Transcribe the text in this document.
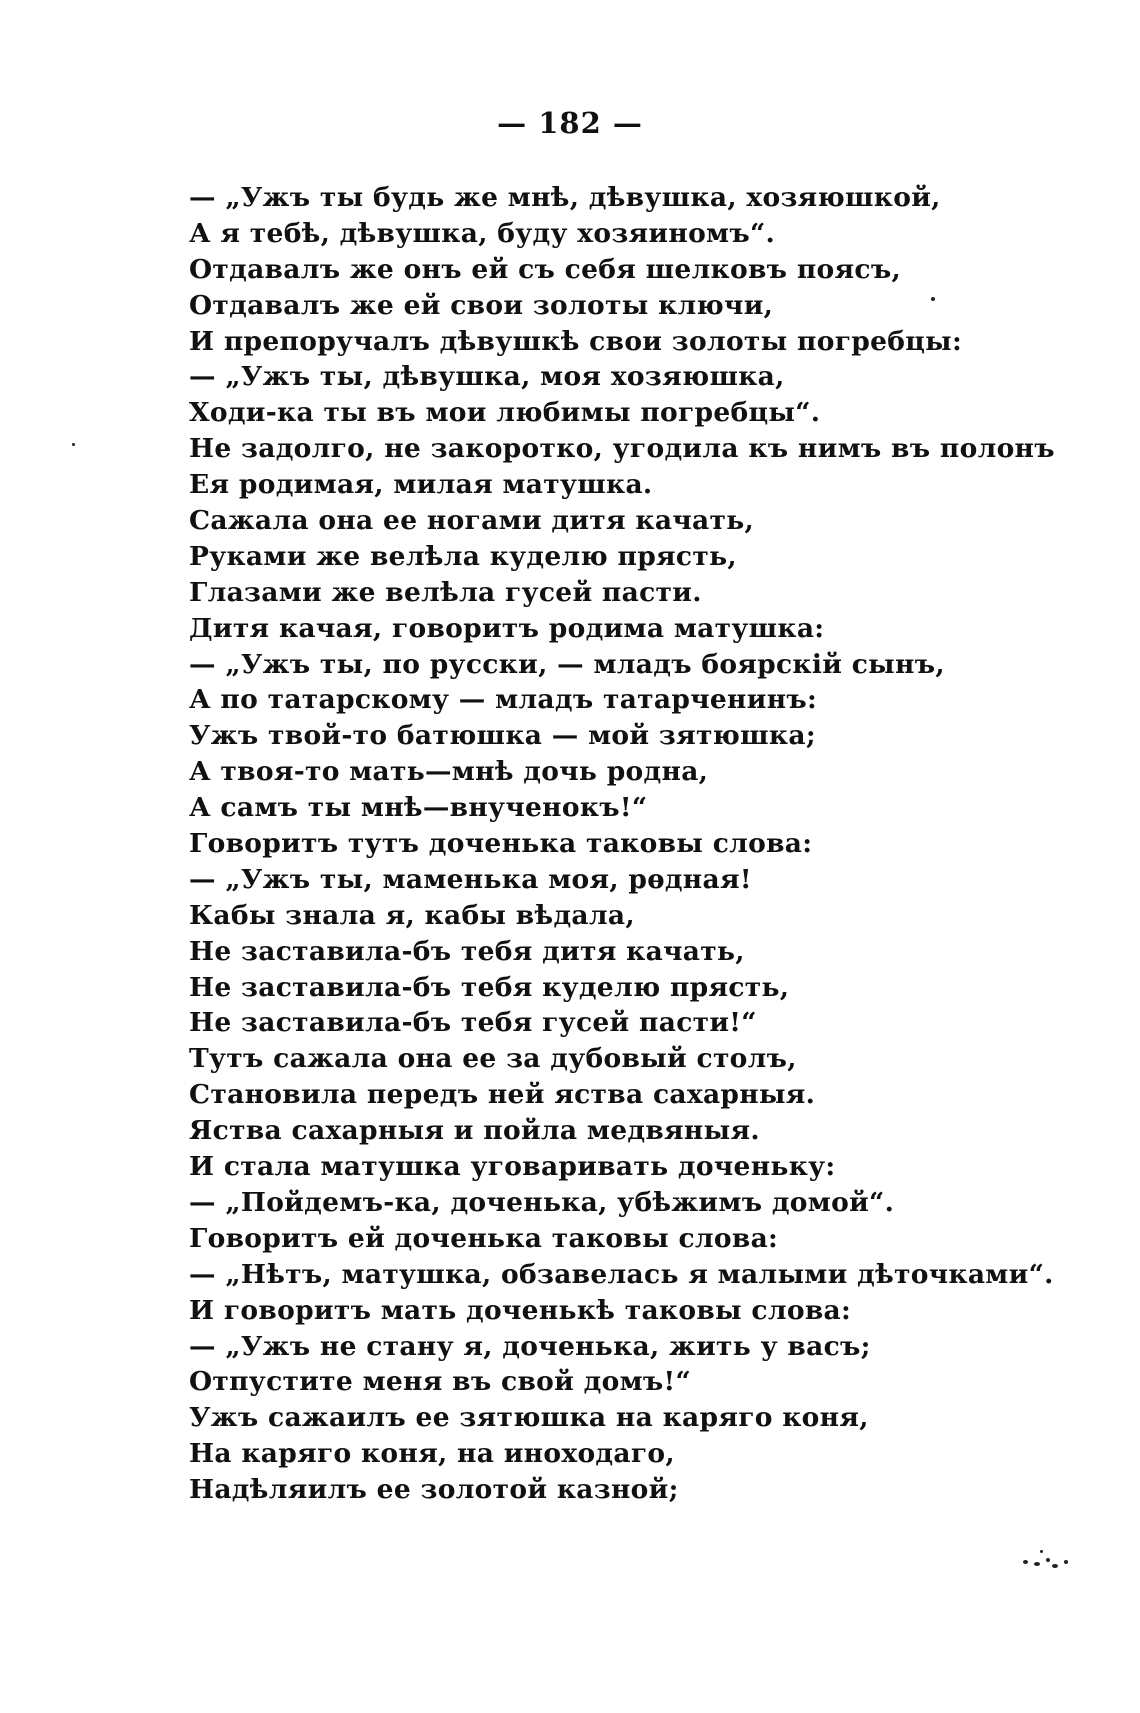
— 182 —
— „Ужъ ты будь же мнѣ, дѣвушка, хозяюшкой,
А я тебѣ, дѣвушка, буду хозяиномъ“.
Отдавалъ же онъ ей съ себя шелковъ поясъ,
Отдавалъ же ей свои золоты ключи,
И препоручалъ дѣвушкѣ свои золоты погребцы:
— „Ужъ ты, дѣвушка, моя хозяюшка,
Ходи-ка ты въ мои любимы погребцы“.
Не задолго, не закоротко, угодила къ нимъ въ полонъ
Ея родимая, милая матушка.
Сажала она ее ногами дитя качать,
Руками же велѣла куделю прясть,
Глазами же велѣла гусей пасти.
Дитя качая, говоритъ родима матушка:
— „Ужъ ты, по русски, — младъ боярскій сынъ,
А по татарскому — младъ татарченинъ:
Ужъ твой-то батюшка — мой зятюшка;
А твоя-то мать—мнѣ дочь родна,
А самъ ты мнѣ—внученокъ!“
Говоритъ тутъ доченька таковы слова:
— „Ужъ ты, маменька моя, рѳдная!
Кабы знала я, кабы вѣдала,
Не заставила-бъ тебя дитя качать,
Не заставила-бъ тебя куделю прясть,
Не заставила-бъ тебя гусей пасти!“
Тутъ сажала она ее за дубовый столъ,
Становила передъ ней яства сахарныя.
Яства сахарныя и пойла медвяныя.
И стала матушка уговаривать доченьку:
— „Пойдемъ-ка, доченька, убѣжимъ домой“.
Говоритъ ей доченька таковы слова:
— „Нѣтъ, матушка, обзавелась я малыми дѣточками“.
И говоритъ мать доченькѣ таковы слова:
— „Ужъ не стану я, доченька, жить у васъ;
Отпустите меня въ свой домъ!“
Ужъ сажаилъ ее зятюшка на каряго коня,
На каряго коня, на иноходаго,
Надѣляилъ ее золотой казной;
